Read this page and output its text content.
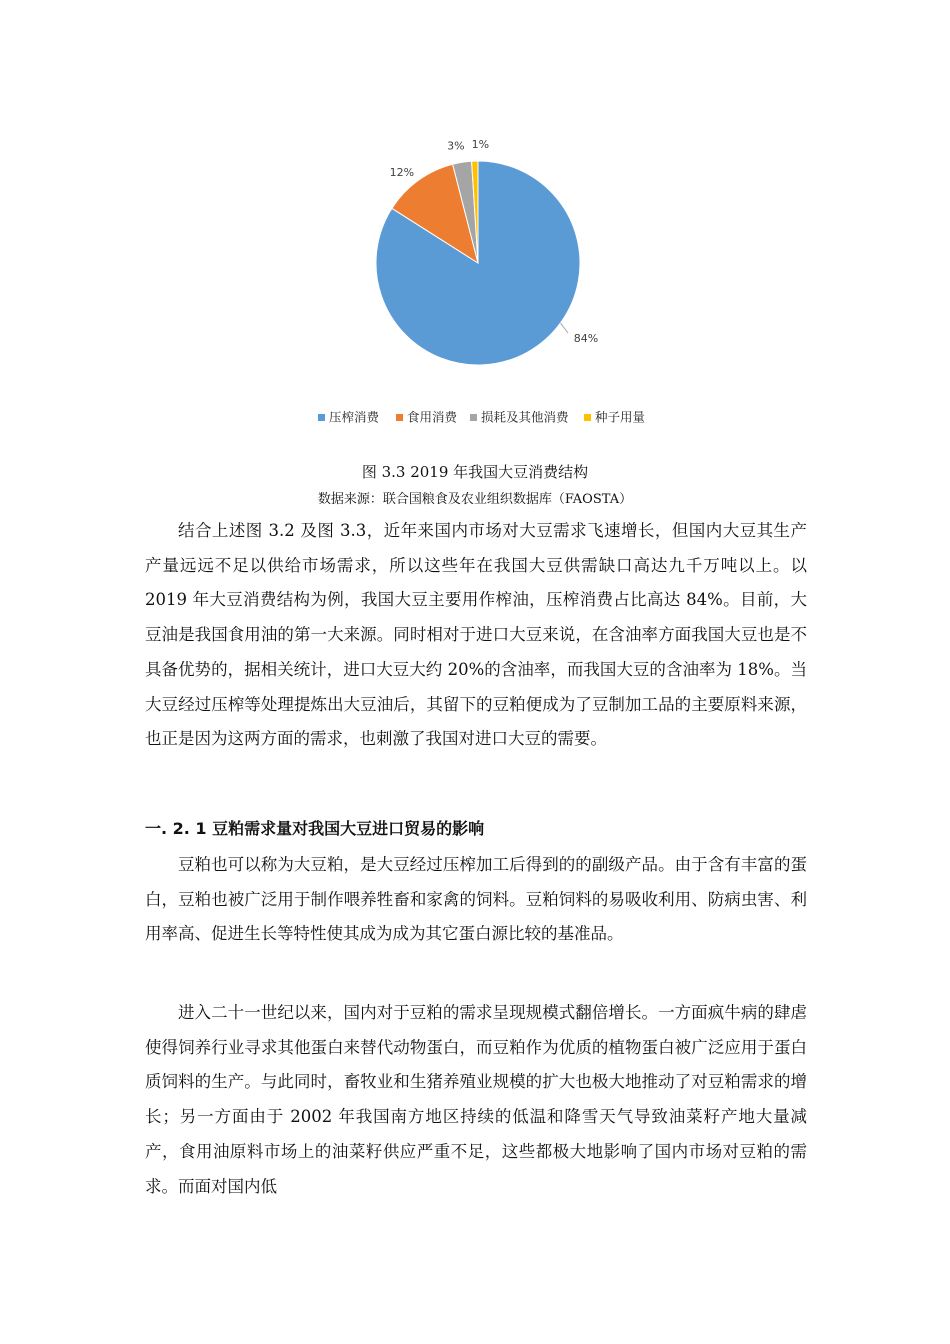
84%
12%
3% 1%
压榨消费 食用消费 损耗及其他消费 种子用量
图 3.3 2019 年我国大豆消费结构
数据来源：联合国粮食及农业组织数据库（FAOSTA）

结合上述图 3.2 及图 3.3，近年来国内市场对大豆需求飞速增长，但国内大豆其生产产量远远不足以供给市场需求，所以这些年在我国大豆供需缺口高达九千万吨以上。以 2019 年大豆消费结构为例，我国大豆主要用作榨油，压榨消费占比高达 84%。目前，大豆油是我国食用油的第一大来源。同时相对于进口大豆来说，在含油率方面我国大豆也是不具备优势的，据相关统计，进口大豆大约 20%的含油率，而我国大豆的含油率为 18%。当大豆经过压榨等处理提炼出大豆油后，其留下的豆粕便成为了豆制加工品的主要原料来源，也正是因为这两方面的需求，也刺激了我国对进口大豆的需要。

一. 2. 1 豆粕需求量对我国大豆进口贸易的影响

豆粕也可以称为大豆粕，是大豆经过压榨加工后得到的的副级产品。由于含有丰富的蛋白，豆粕也被广泛用于制作喂养牲畜和家禽的饲料。豆粕饲料的易吸收利用、防病虫害、利用率高、促进生长等特性使其成为成为其它蛋白源比较的基准品。

进入二十一世纪以来，国内对于豆粕的需求呈现规模式翻倍增长。一方面疯牛病的肆虐使得饲养行业寻求其他蛋白来替代动物蛋白，而豆粕作为优质的植物蛋白被广泛应用于蛋白质饲料的生产。与此同时，畜牧业和生猪养殖业规模的扩大也极大地推动了对豆粕需求的增长；另一方面由于 2002 年我国南方地区持续的低温和降雪天气导致油菜籽产地大量减产，食用油原料市场上的油菜籽供应严重不足，这些都极大地影响了国内市场对豆粕的需求。而面对国内低
